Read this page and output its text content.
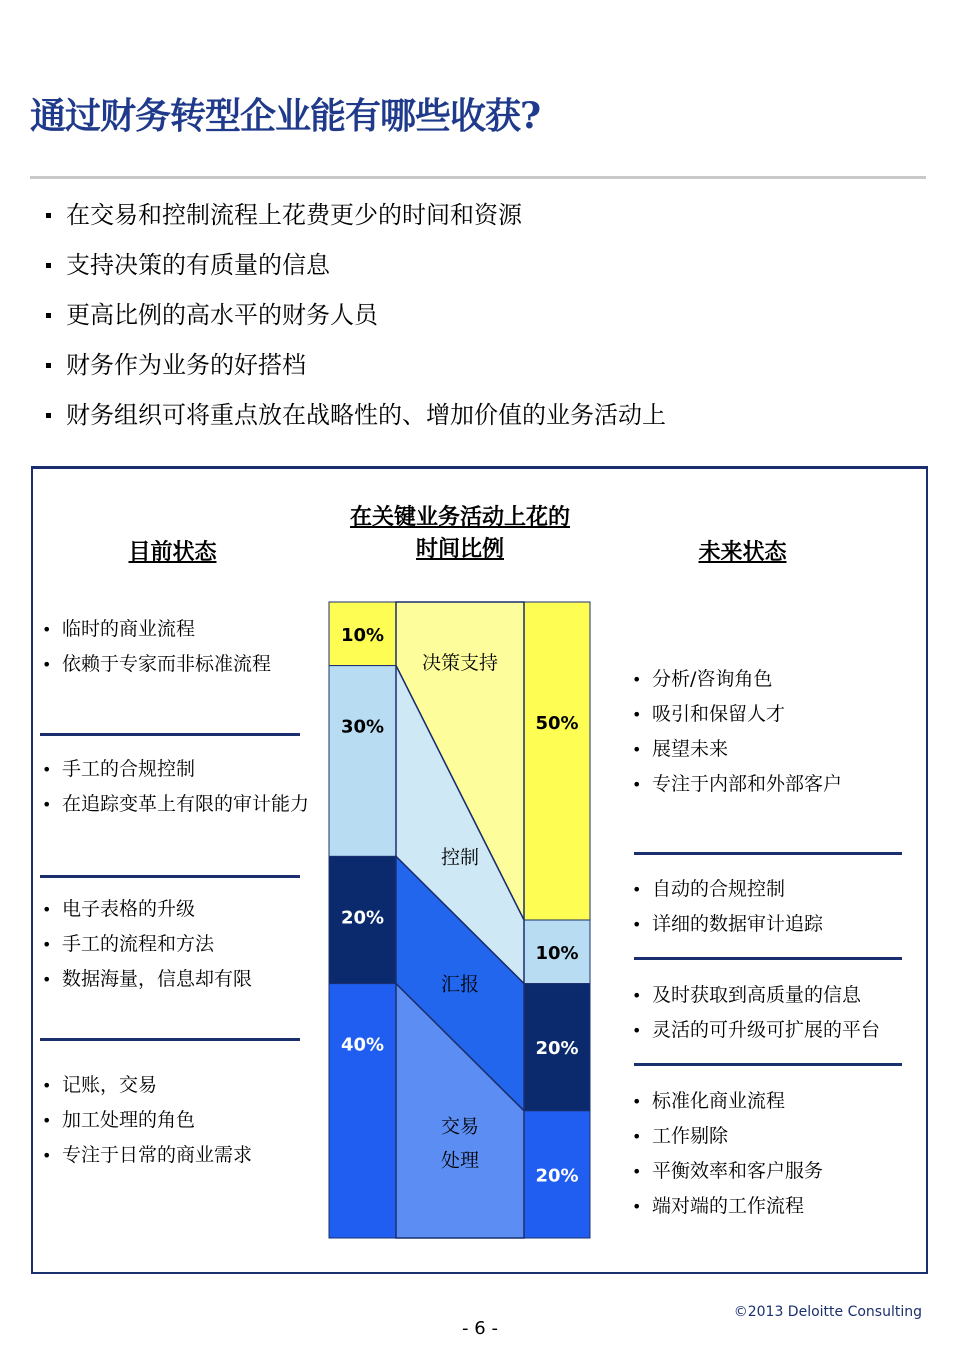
通过财务转型企业能有哪些收获?
在交易和控制流程上花费更少的时间和资源
支持决策的有质量的信息
更高比例的高水平的财务人员
财务作为业务的好搭档
财务组织可将重点放在战略性的、增加价值的业务活动上
目前状态
在关键业务活动上花的
时间比例	未来状态
• 临时的商业流程
• 依赖于专家而非标准流程
• 手工的合规控制
• 在追踪变革上有限的审计能力
• 电子表格的升级
• 手工的流程和方法
• 数据海量，信息却有限
• 记账，交易
• 加工处理的角色
• 专注于日常的商业需求
• 分析/咨询角色
• 吸引和保留人才
• 展望未来
• 专注于内部和外部客户
• 自动的合规控制
• 详细的数据审计追踪
• 及时获取到高质量的信息
• 灵活的可升级可扩展的平台
• 标准化商业流程
• 工作剔除
• 平衡效率和客户服务
• 端对端的工作流程
10%
50%
决策支持
30%
10%
控制
20%
20%
汇报
40%
20%
交易
处理
©2013 Deloitte Consulting
- 6 -
